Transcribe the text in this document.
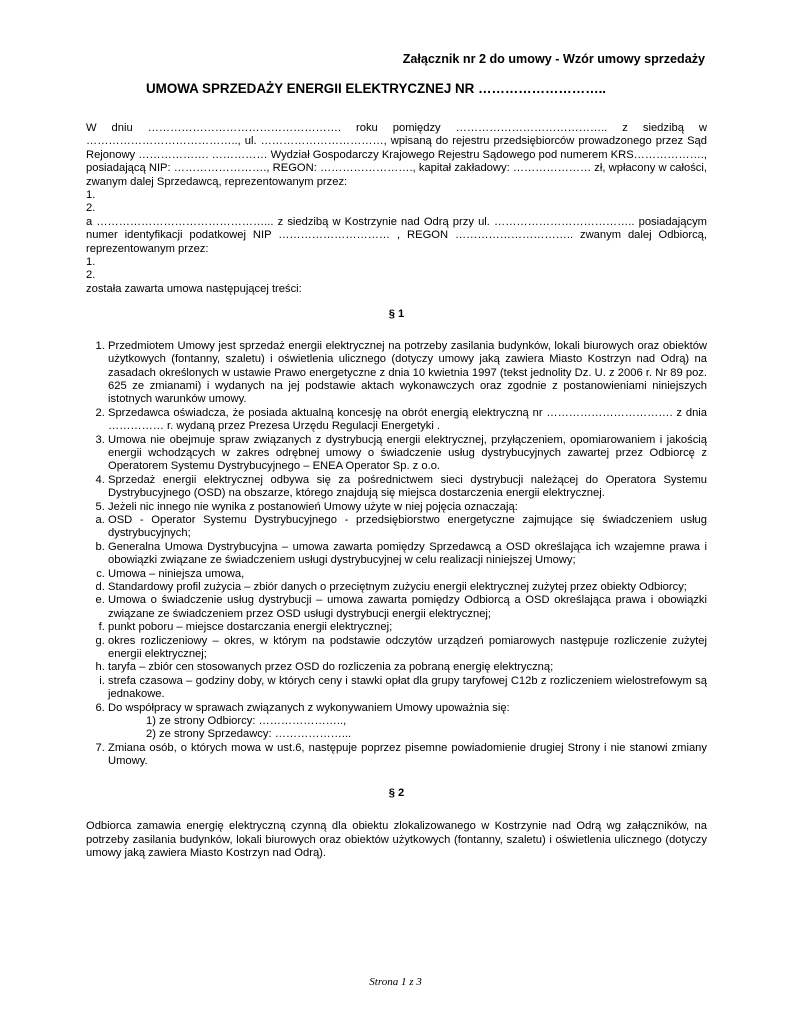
Załącznik nr 2 do umowy - Wzór umowy sprzedaży
UMOWA SPRZEDAŻY ENERGII ELEKTRYCZNEJ NR ………………………..

W dniu ……………………………………………. roku pomiędzy ………………………………….. z siedzibą w ………………………………….., ul. ……………………………, wpisaną do rejestru przedsiębiorców prowadzonego przez Sąd Rejonowy ………………. …………… Wydział Gospodarczy Krajowego Rejestru Sądowego pod numerem KRS………………., posiadającą NIP: ……………………., REGON: ……………………., kapitał zakładowy: ………………… zł, wpłacony w całości, zwanym dalej Sprzedawcą, reprezentowanym przez:

1.

2.

a ………………………………………... z siedzibą w Kostrzynie nad Odrą przy ul. ……………………………….. posiadającym numer identyfikacji podatkowej NIP ………………………… , REGON ………………………….. zwanym dalej Odbiorcą, reprezentowanym przez:

1.

2.

została zawarta umowa następującej treści:

§ 1
1. Przedmiotem Umowy jest sprzedaż energii elektrycznej na potrzeby zasilania budynków, lokali biurowych oraz obiektów użytkowych (fontanny, szaletu) i oświetlenia ulicznego (dotyczy umowy jaką zawiera Miasto Kostrzyn nad Odrą) na zasadach określonych w ustawie Prawo energetyczne z dnia 10 kwietnia 1997 (tekst jednolity Dz. U. z 2006 r. Nr 89 poz. 625 ze zmianami) i wydanych na jej podstawie aktach wykonawczych oraz zgodnie z postanowieniami niniejszych istotnych warunków umowy.
2. Sprzedawca oświadcza, że posiada aktualną koncesję na obrót energią elektryczną nr ……………………………. z dnia …………… r. wydaną przez Prezesa Urzędu Regulacji Energetyki .
3. Umowa nie obejmuje spraw związanych z dystrybucją energii elektrycznej, przyłączeniem, opomiarowaniem i jakością energii wchodzących w zakres odrębnej umowy o świadczenie usług dystrybucyjnych zawartej przez Odbiorcę z Operatorem Systemu Dystrybucyjnego – ENEA Operator Sp. z o.o.
4. Sprzedaż energii elektrycznej odbywa się za pośrednictwem sieci dystrybucji należącej do Operatora Systemu Dystrybucyjnego (OSD) na obszarze, którego znajdują się miejsca dostarczenia energii elektrycznej.
5. Jeżeli nic innego nie wynika z postanowień Umowy użyte w niej pojęcia oznaczają:
a. OSD - Operator Systemu Dystrybucyjnego - przedsiębiorstwo energetyczne zajmujące się świadczeniem usług dystrybucyjnych;
b. Generalna Umowa Dystrybucyjna – umowa zawarta pomiędzy Sprzedawcą a OSD określająca ich wzajemne prawa i obowiązki związane ze świadczeniem usługi dystrybucyjnej w celu realizacji niniejszej Umowy;
c. Umowa – niniejsza umowa,
d. Standardowy profil zużycia – zbiór danych o przeciętnym zużyciu energii elektrycznej zużytej przez obiekty Odbiorcy;
e. Umowa o świadczenie usług dystrybucji – umowa zawarta pomiędzy Odbiorcą a OSD określająca prawa i obowiązki związane ze świadczeniem przez OSD usługi dystrybucji energii elektrycznej;
f. punkt poboru – miejsce dostarczania energii elektrycznej;
g. okres rozliczeniowy – okres, w którym na podstawie odczytów urządzeń pomiarowych następuje rozliczenie zużytej energii elektrycznej;
h. taryfa – zbiór cen stosowanych przez OSD do rozliczenia za pobraną energię elektryczną;
i. strefa czasowa – godziny doby, w których ceny i stawki opłat dla grupy taryfowej C12b z rozliczeniem wielostrefowym są jednakowe.
6. Do współpracy w sprawach związanych z wykonywaniem Umowy upoważnia się:
1) ze strony Odbiorcy: …………………..,
2) ze strony Sprzedawcy: ………………...
7. Zmiana osób, o których mowa w ust.6, następuje poprzez pisemne powiadomienie drugiej Strony i nie stanowi zmiany Umowy.
§ 2

Odbiorca zamawia energię elektryczną czynną dla obiektu zlokalizowanego w Kostrzynie nad Odrą wg załączników, na potrzeby zasilania budynków, lokali biurowych oraz obiektów użytkowych (fontanny, szaletu) i oświetlenia ulicznego (dotyczy umowy jaką zawiera Miasto Kostrzyn nad Odrą).

Strona 1 z 3
